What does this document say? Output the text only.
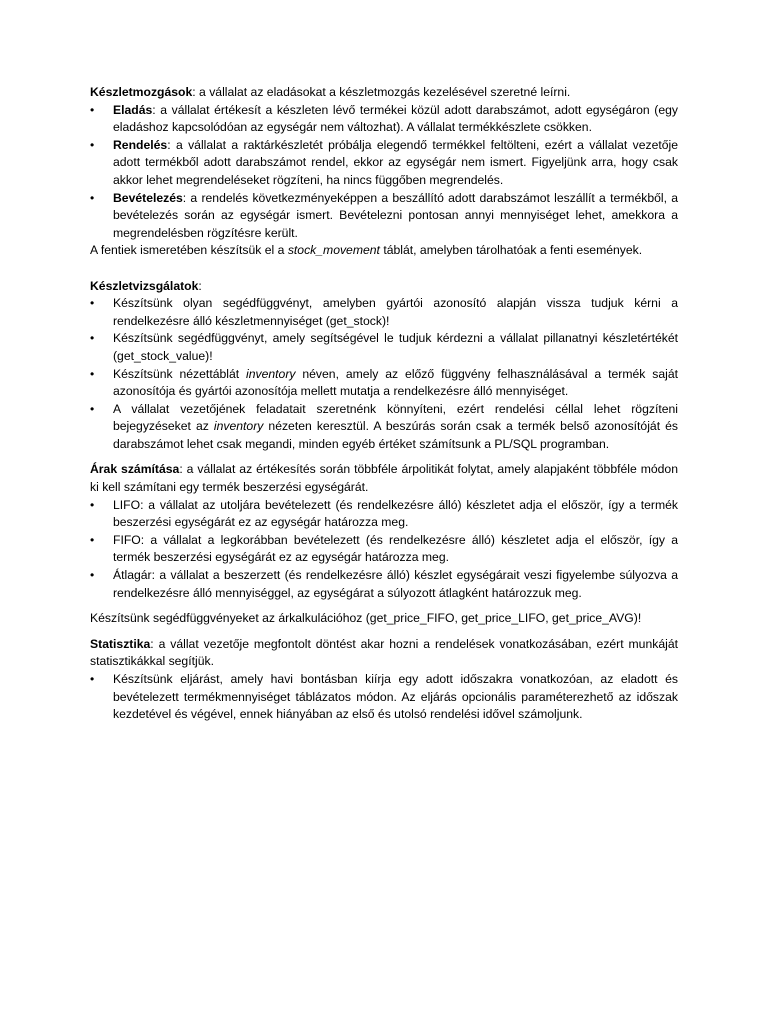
Készletmozgások: a vállalat az eladásokat a készletmozgás kezelésével szeretné leírni.

•	Eladás: a vállalat értékesít a készleten lévő termékei közül adott darabszámot, adott egységáron (egy eladáshoz kapcsolódóan az egységár nem változhat). A vállalat termékkészlete csökken.
•	Rendelés: a vállalat a raktárkészletét próbálja elegendő termékkel feltölteni, ezért a vállalat vezetője adott termékből adott darabszámot rendel, ekkor az egységár nem ismert. Figyeljünk arra, hogy csak akkor lehet megrendeléseket rögzíteni, ha nincs függőben megrendelés.
•	Bevételezés: a rendelés következményeképpen a beszállító adott darabszámot leszállít a termékből, a bevételezés során az egységár ismert. Bevételezni pontosan annyi mennyiséget lehet, amekkora a megrendelésben rögzítésre került.

A fentiek ismeretében készítsük el a stock_movement táblát, amelyben tárolhatóak a fenti események.

Készletvizsgálatok:

•	Készítsünk olyan segédfüggvényt, amelyben gyártói azonosító alapján vissza tudjuk kérni a rendelkezésre álló készletmennyiséget (get_stock)!
•	Készítsünk segédfüggvényt, amely segítségével le tudjuk kérdezni a vállalat pillanatnyi készletértékét (get_stock_value)!
•	Készítsünk nézettáblát inventory néven, amely az előző függvény felhasználásával a termék saját azonosítója és gyártói azonosítója mellett mutatja a rendelkezésre álló mennyiséget.
•	A vállalat vezetőjének feladatait szeretnénk könnyíteni, ezért rendelési céllal lehet rögzíteni bejegyzéseket az inventory nézeten keresztül. A beszúrás során csak a termék belső azonosítóját és darabszámot lehet csak megandi, minden egyéb értéket számítsunk a PL/SQL programban.

Árak számítása: a vállalat az értékesítés során többféle árpolitikát folytat, amely alapjaként többféle módon ki kell számítani egy termék beszerzési egységárát.

•	LIFO: a vállalat az utoljára bevételezett (és rendelkezésre álló) készletet adja el először, így a termék beszerzési egységárát ez az egységár határozza meg.
•	FIFO: a vállalat a legkorábban bevételezett (és rendelkezésre álló) készletet adja el először, így a termék beszerzési egységárát ez az egységár határozza meg.
•	Átlagár: a vállalat a beszerzett (és rendelkezésre álló) készlet egységárait veszi figyelembe súlyozva a rendelkezésre álló mennyiséggel, az egységárat a súlyozott átlagként határozzuk meg.

Készítsünk segédfüggvényeket az árkalkulációhoz (get_price_FIFO, get_price_LIFO, get_price_AVG)!

Statisztika: a vállat vezetője megfontolt döntést akar hozni a rendelések vonatkozásában, ezért munkáját statisztikákkal segítjük.

•	Készítsünk eljárást, amely havi bontásban kiírja egy adott időszakra vonatkozóan, az eladott és bevételezett termékmennyiséget táblázatos módon. Az eljárás opcionális paraméterezhető az időszak kezdetével és végével, ennek hiányában az első és utolsó rendelési idővel számoljunk.
